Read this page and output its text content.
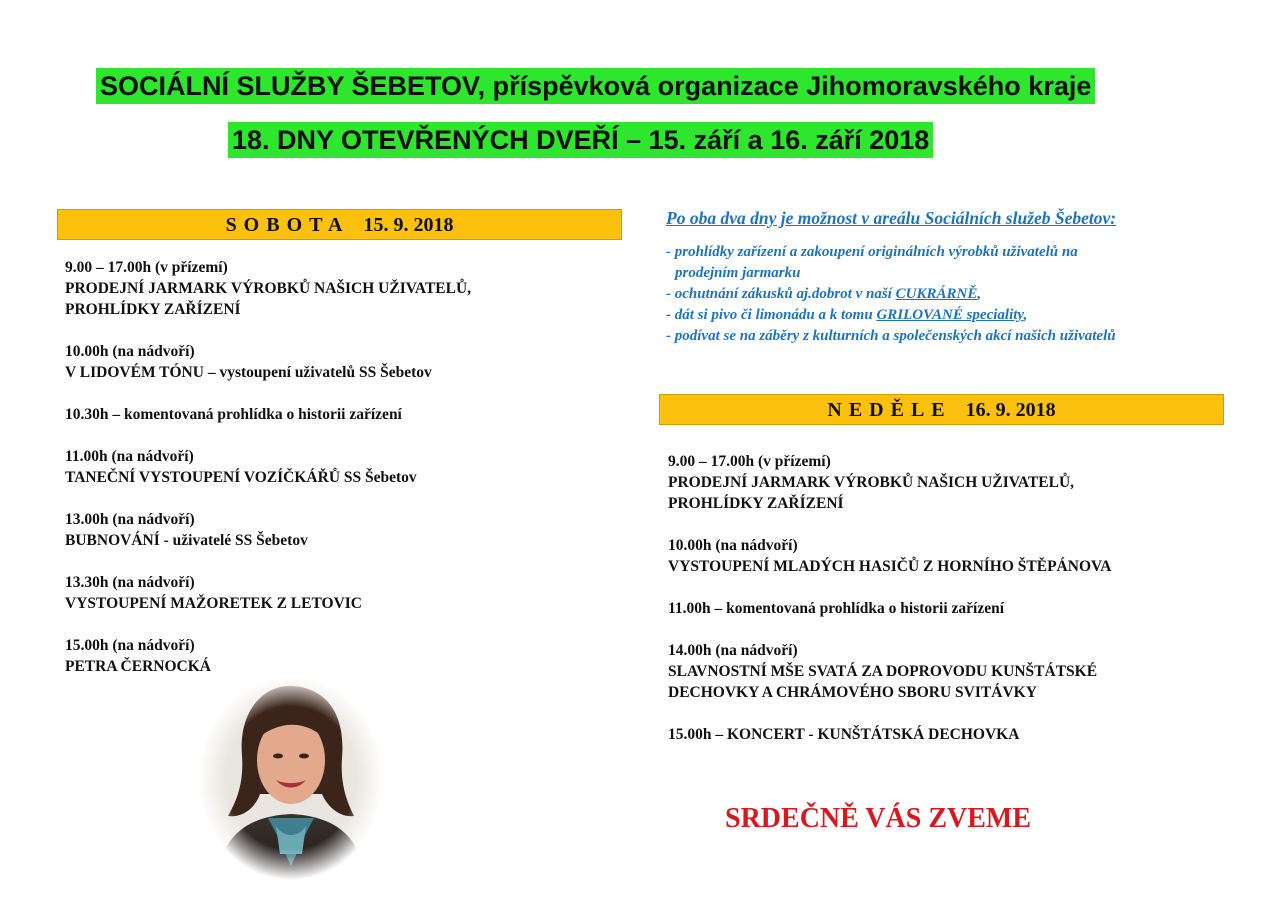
SOCIÁLNÍ SLUŽBY ŠEBETOV, příspěvková organizace Jihomoravského kraje
18. DNY OTEVŘENÝCH DVEŘÍ – 15. září a 16. září 2018
SOBOTA 15. 9. 2018
9.00 – 17.00h (v přízemí)
PRODEJNÍ JARMARK VÝROBKŮ NAŠICH UŽIVATELŮ,
PROHLÍDKY ZAŘÍZENÍ
10.00h (na nádvoří)
V LIDOVÉM TÓNU – vystoupení uživatelů SS Šebetov
10.30h – komentovaná prohlídka o historii zařízení
11.00h (na nádvoří)
TANEČNÍ VYSTOUPENÍ VOZÍČKÁŘŮ SS Šebetov
13.00h (na nádvoří)
BUBNOVÁNÍ - uživatelé SS Šebetov
13.30h (na nádvoří)
VYSTOUPENÍ MAŽORETEK Z LETOVIC
15.00h (na nádvoří)
PETRA ČERNOCKÁ
Po oba dva dny je možnost v areálu Sociálních služeb Šebetov:
- prohlídky zařízení a zakoupení originálních výrobků uživatelů na
prodejním jarmarku
- ochutnání zákusků aj.dobrot v naší CUKRÁRNĚ,
- dát si pivo či limonádu a k tomu GRILOVANÉ speciality,
- podívat se na záběry z kulturních a společenských akcí našich uživatelů
NEDĚLE 16. 9. 2018
9.00 – 17.00h (v přízemí)
PRODEJNÍ JARMARK VÝROBKŮ NAŠICH UŽIVATELŮ,
PROHLÍDKY ZAŘÍZENÍ
10.00h (na nádvoří)
VYSTOUPENÍ MLADÝCH HASIČŮ Z HORNÍHO ŠTĚPÁNOVA
11.00h – komentovaná prohlídka o historii zařízení
14.00h (na nádvoří)
SLAVNOSTNÍ MŠE SVATÁ ZA DOPROVODU KUNŠTÁTSKÉ
DECHOVKY A CHRÁMOVÉHO SBORU SVITÁVKY
15.00h – KONCERT - KUNŠTÁTSKÁ DECHOVKA
SRDEČNĚ VÁS ZVEME
